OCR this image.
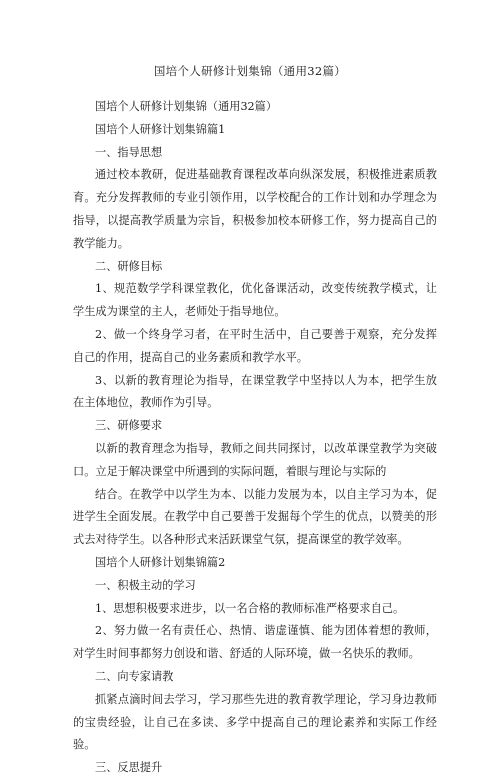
国培个人研修计划集锦（通用32篇）

国培个人研修计划集锦（通用32篇）

国培个人研修计划集锦篇1

一、指导思想

通过校本教研，促进基础教育课程改革向纵深发展，积极推进素质教育。充分发挥教师的专业引领作用，以学校配合的工作计划和办学理念为指导，以提高教学质量为宗旨，积极参加校本研修工作，努力提高自己的教学能力。

二、研修目标

1、规范数学学科课堂教化，优化备课活动，改变传统教学模式，让学生成为课堂的主人，老师处于指导地位。

2、做一个终身学习者，在平时生活中，自己要善于观察，充分发挥自己的作用，提高自己的业务素质和教学水平。

3、以新的教育理论为指导，在课堂教学中坚持以人为本，把学生放在主体地位，教师作为引导。

三、研修要求

以新的教育理念为指导，教师之间共同探讨，以改革课堂教学为突破口。立足于解决课堂中所遇到的实际问题，着眼与理论与实际的

结合。在教学中以学生为本、以能力发展为本，以自主学习为本，促进学生全面发展。在教学中自己要善于发掘每个学生的优点，以赞美的形式去对待学生。以各种形式来活跃课堂气氛，提高课堂的教学效率。

国培个人研修计划集锦篇2

一、积极主动的学习

1、思想积极要求进步，以一名合格的教师标准严格要求自己。

2、努力做一名有责任心、热情、谐虚谨慎、能为团体着想的教师，对学生时间事都努力创设和谐、舒适的人际环境，做一名快乐的教师。

二、向专家请教

抓紧点滴时间去学习，学习那些先进的教育教学理论，学习身边教师的宝贵经验，让自己在多读、多学中提高自己的理论素养和实际工作经验。

三、反思提升
